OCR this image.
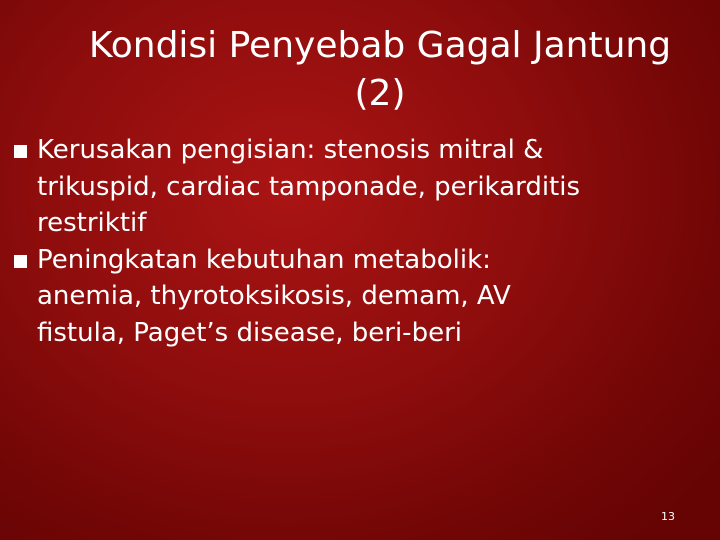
Kondisi Penyebab Gagal Jantung
(2)
Kerusakan pengisian: stenosis mitral &
trikuspid, cardiac tamponade, perikarditis
restriktif
Peningkatan kebutuhan metabolik:
anemia, thyrotoksikosis, demam, AV
fistula, Paget’s disease, beri-beri
13
